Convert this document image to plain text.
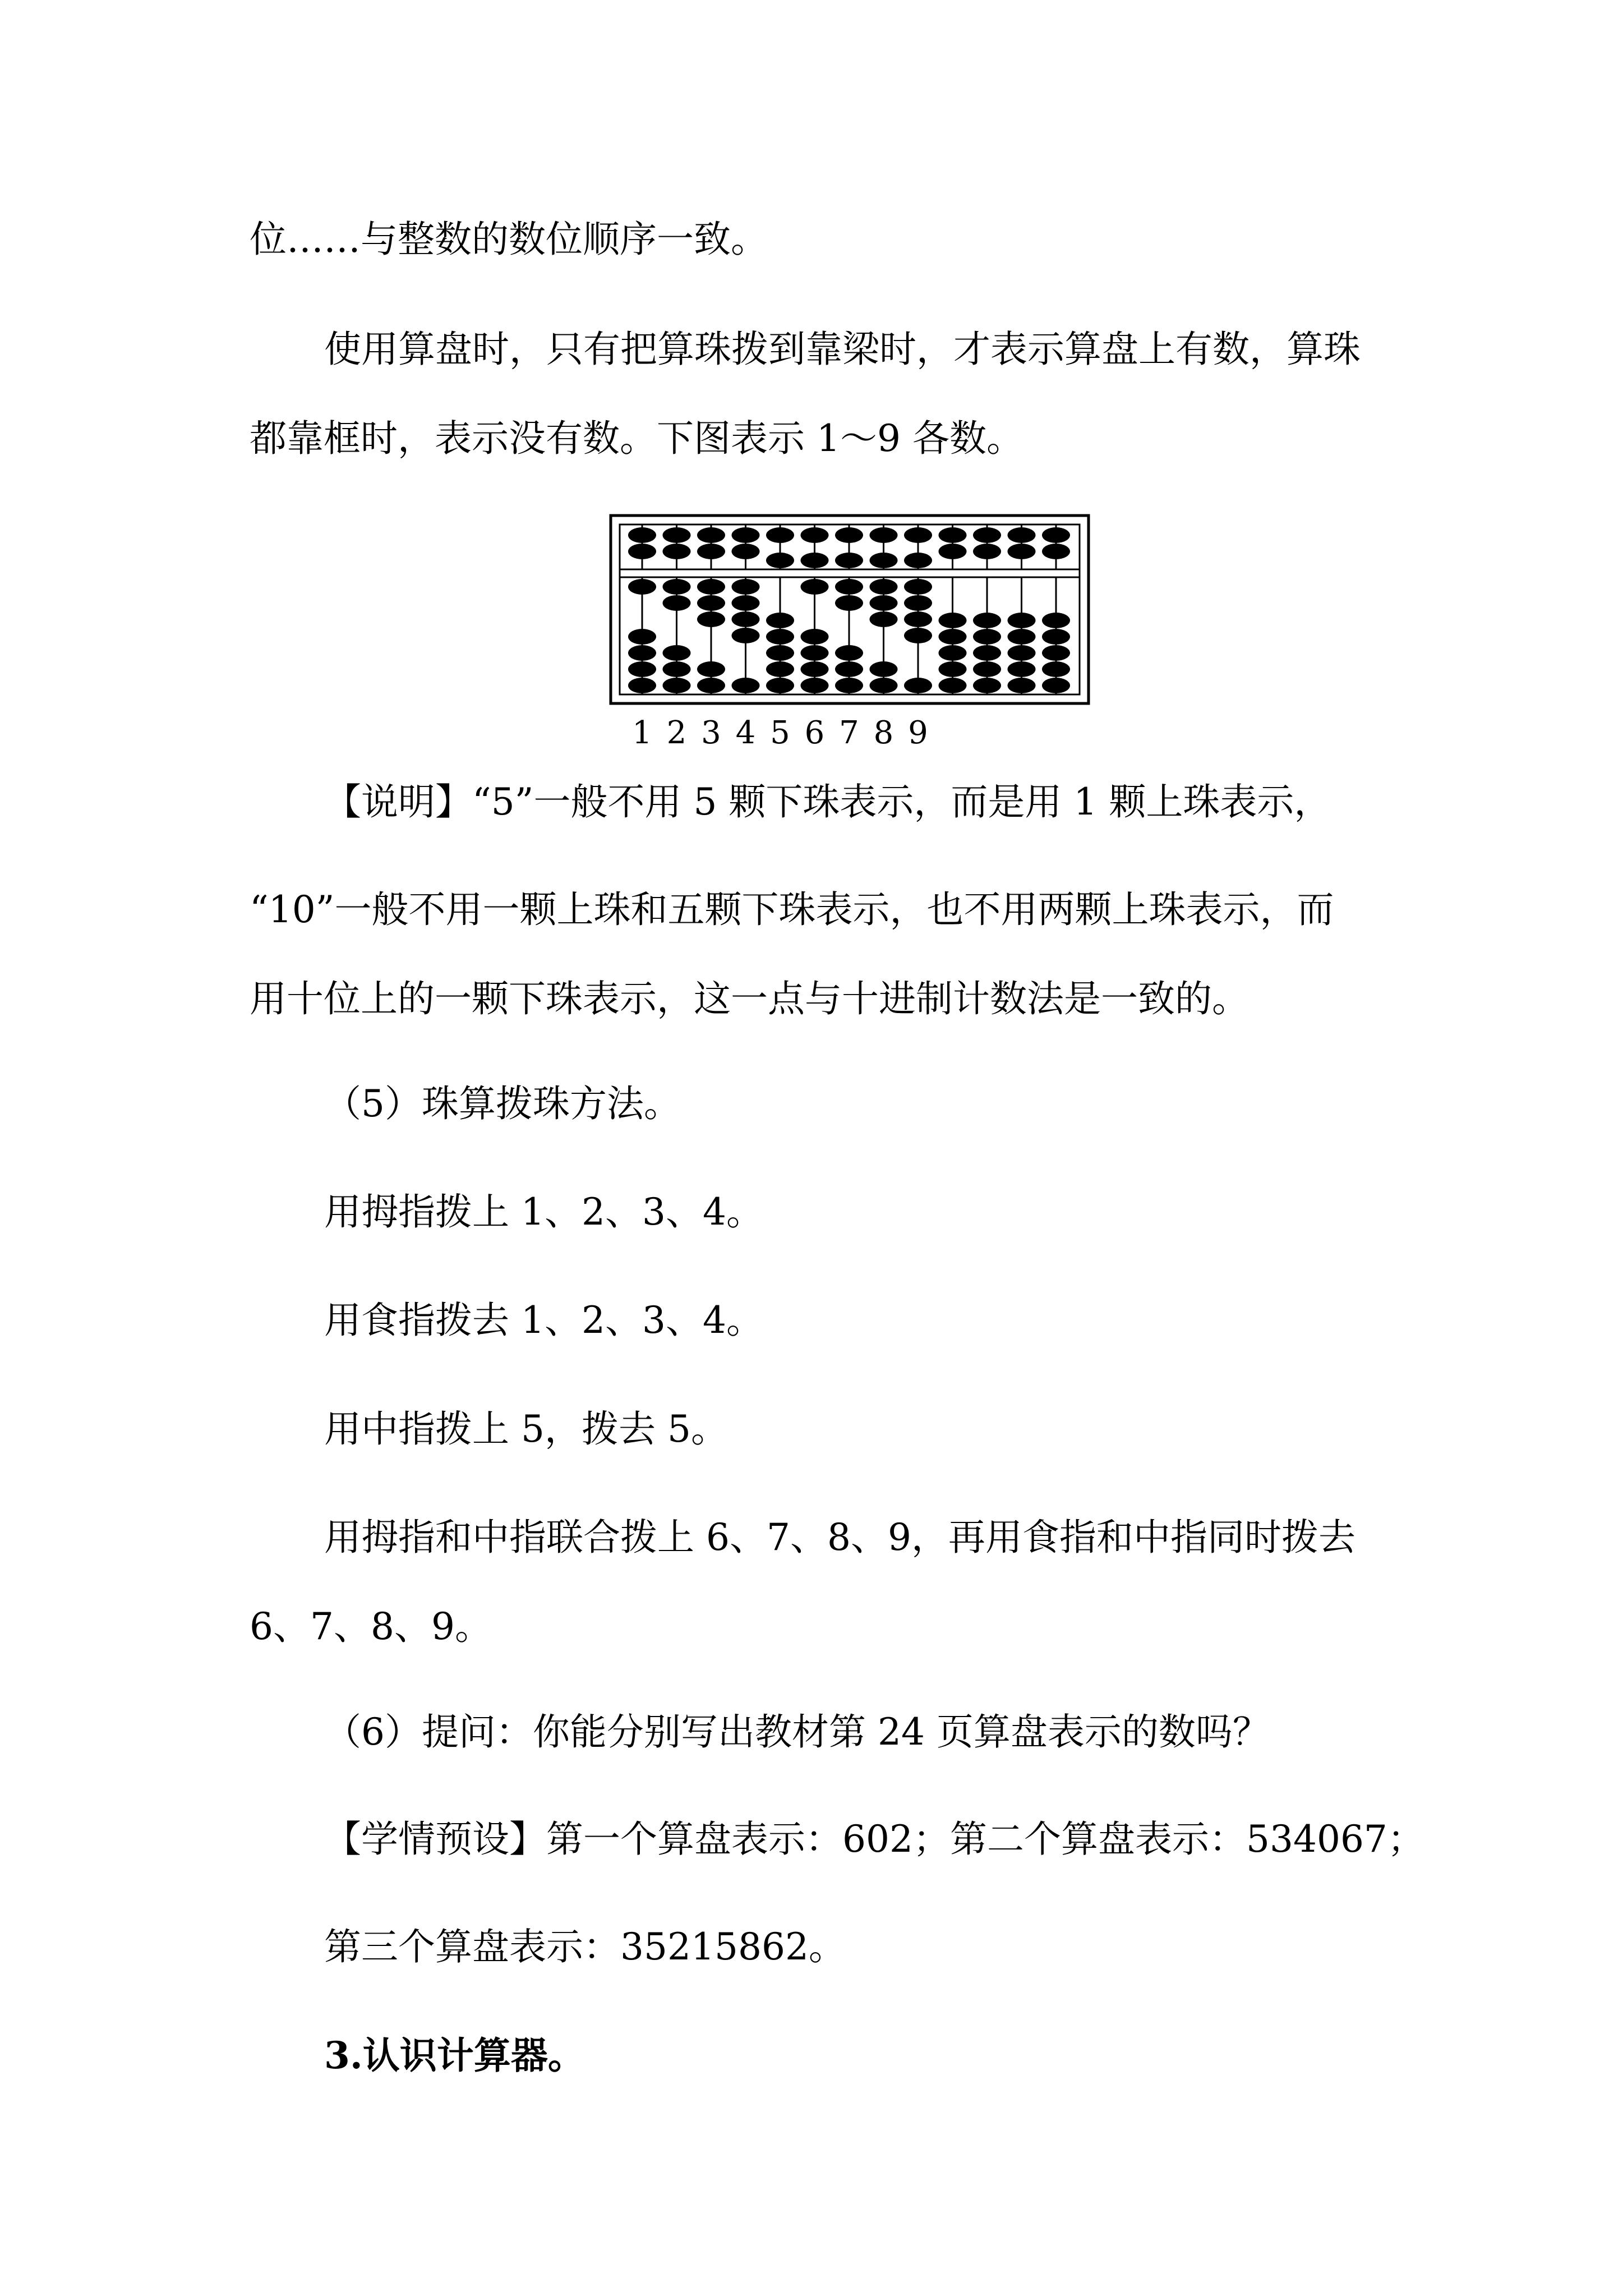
位……与整数的数位顺序一致。

使用算盘时，只有把算珠拨到靠梁时，才表示算盘上有数，算珠

都靠框时，表示没有数。下图表示 1～9 各数。

1 2 3 4 5 6 7 8 9

【说明】“5”一般不用 5 颗下珠表示，而是用 1 颗上珠表示，

“10”一般不用一颗上珠和五颗下珠表示，也不用两颗上珠表示，而

用十位上的一颗下珠表示，这一点与十进制计数法是一致的。

（5）珠算拨珠方法。

用拇指拨上 1、2、3、4。

用食指拨去 1、2、3、4。

用中指拨上 5，拨去 5。

用拇指和中指联合拨上 6、7、8、9，再用食指和中指同时拨去

6、7、8、9。

（6）提问：你能分别写出教材第 24 页算盘表示的数吗？

【学情预设】第一个算盘表示：602；第二个算盘表示：534067；

第三个算盘表示：35215862。

3.认识计算器。
